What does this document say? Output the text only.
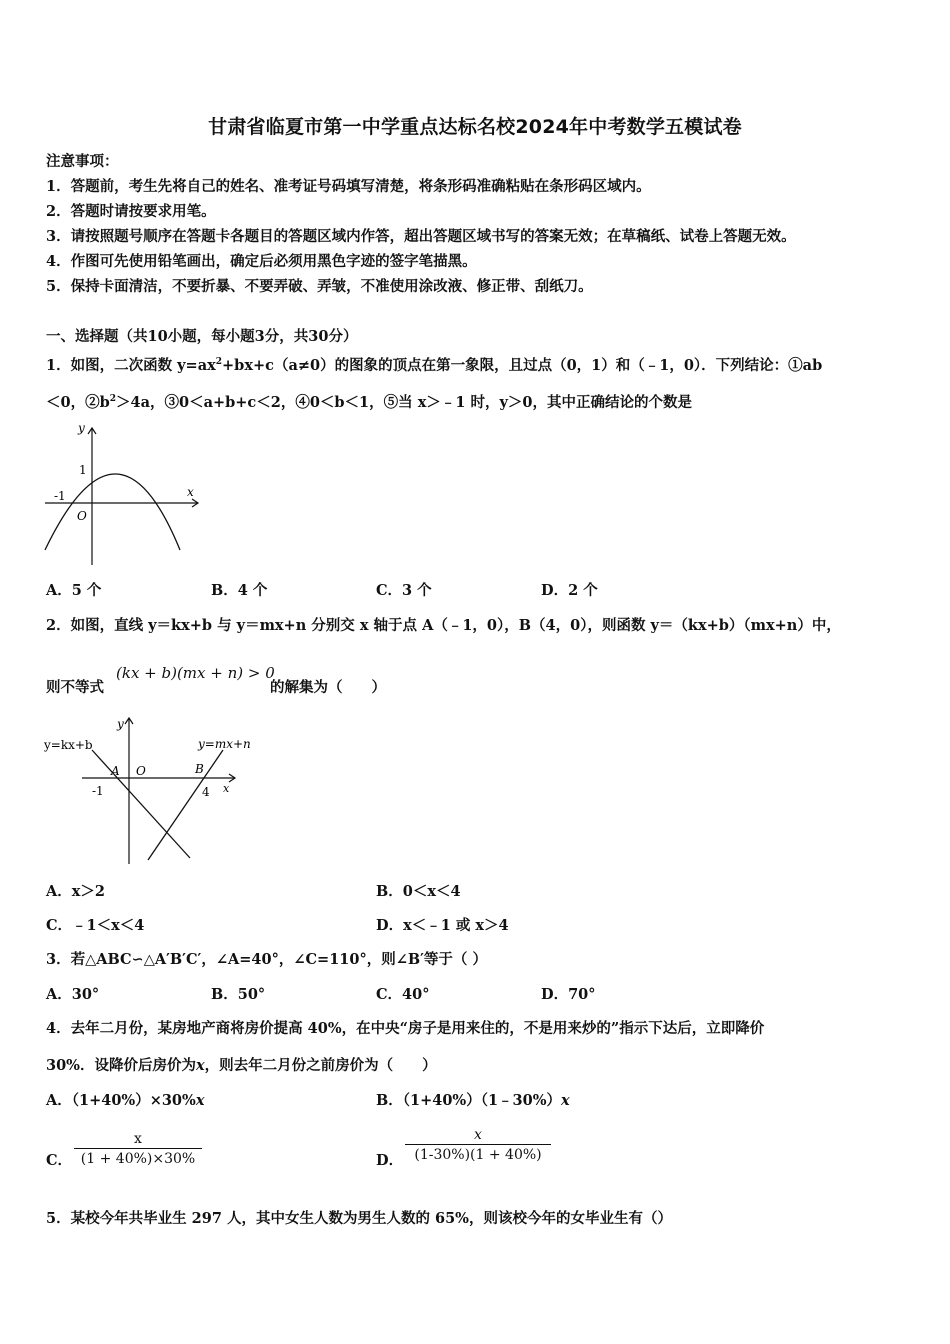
甘肃省临夏市第一中学重点达标名校2024年中考数学五模试卷
注意事项：
1．答题前，考生先将自己的姓名、准考证号码填写清楚，将条形码准确粘贴在条形码区域内。
2．答题时请按要求用笔。
3．请按照题号顺序在答题卡各题目的答题区域内作答，超出答题区域书写的答案无效；在草稿纸、试卷上答题无效。
4．作图可先使用铅笔画出，确定后必须用黑色字迹的签字笔描黑。
5．保持卡面清洁，不要折暴、不要弄破、弄皱，不准使用涂改液、修正带、刮纸刀。
一、选择题（共10小题，每小题3分，共30分）
1．如图，二次函数 $y=ax^2+bx+c(a\ne 0)$的图象的顶点在第一象限，且过点（0，1）和（﹣1，0）．下列结论：①ab
＜0，$②b^2>4a$，③0＜a+b+c＜2，④0＜b＜1，⑤当 x＞﹣1 时，y＞0，其中正确结论的个数是
y
x
1
-1
O
A．5 个	B．4 个	C．3 个	D．2 个
2．如图，直线 y＝kx+b 与 y＝mx+n 分别交 x 轴于点 A（﹣1，0），B（4，0），则函数 y＝（kx+b）（mx+n）中，
则不等式
(kx + b)(mx + n) > 0
的解集为（　　）
y=kx+b	y=mx+n
y
x
A O	B
-1	4
A．x＞2	B．0＜x＜4
C．﹣1＜x＜4	D．x＜﹣1 或 x＞4
3．若△ABC∽△A′B′C′，∠A=40°，∠C=110°，则∠B′等于（ ）
A．30°	B．50°	C．40°	D．70°
4．去年二月份，某房地产商将房价提高 40%，在中央“房子是用来住的，不是用来炒的”指示下达后，立即降价
30%．设降价后房价为x，则去年二月份之前房价为（　　）
A．（1+40%）×30%x	B．（1+40%）（1﹣30%）x
C． $\frac{x}{(1 + 40\%)\times 30\%}$	D． $\frac{x}{(1-30\%)(1 + 40\%)}$
5．某校今年共毕业生 297 人，其中女生人数为男生人数的 65%，则该校今年的女毕业生有（）
